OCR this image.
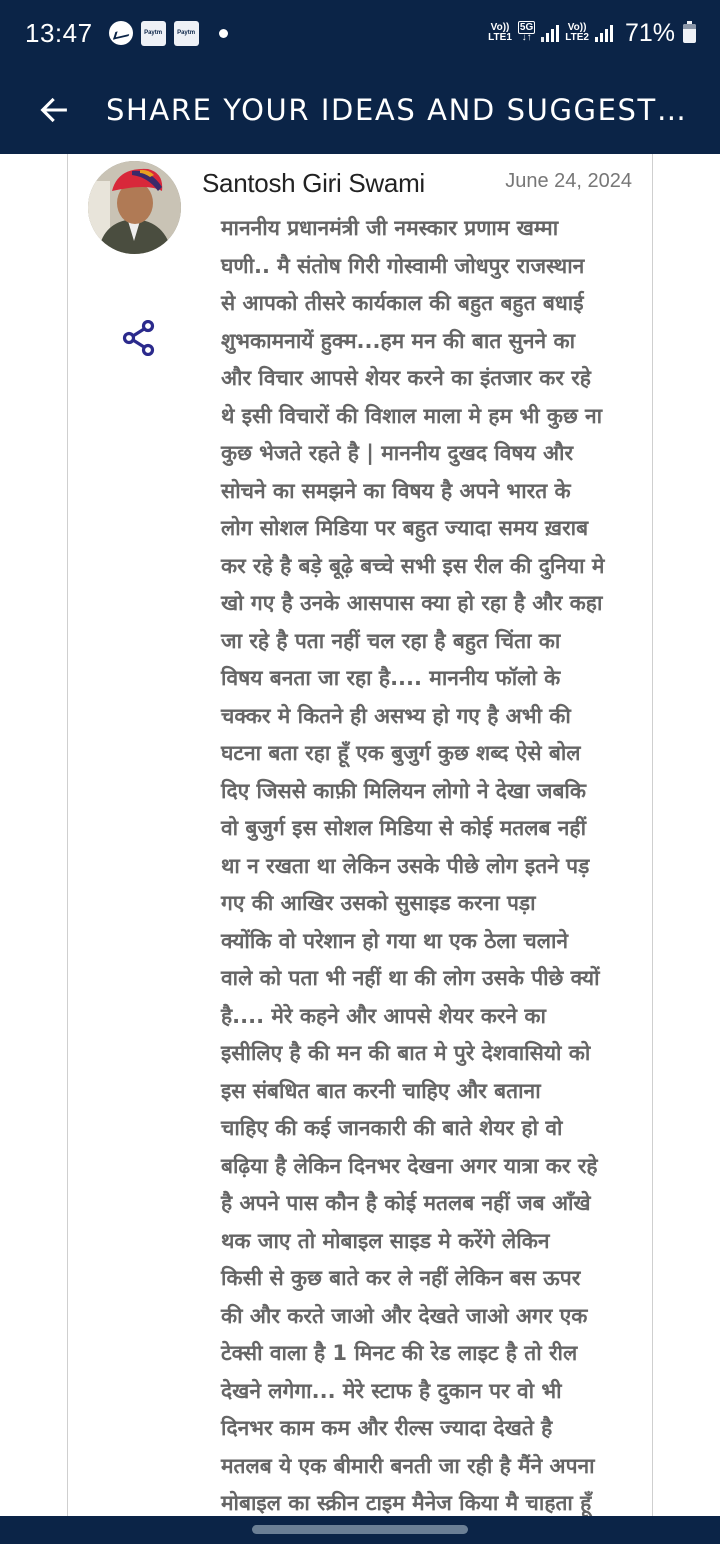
13:47	Paytm	Paytm	Vo))
LTE1
5G
↓↑
Vo))
LTE2 71%
SHARE YOUR IDEAS AND SUGGEST…
Santosh Giri Swami	June 24, 2024
माननीय प्रधानमंत्री जी नमस्कार प्रणाम खम्मा
घणी.. मै संतोष गिरी गोस्वामी जोधपुर राजस्थान
से आपको तीसरे कार्यकाल की बहुत बहुत बधाई
शुभकामनायें हुक्म...हम मन की बात सुनने का
और विचार आपसे शेयर करने का इंतजार कर रहे
थे इसी विचारों की विशाल माला मे हम भी कुछ ना
कुछ भेजते रहते है | माननीय दुखद विषय और
सोचने का समझने का विषय है अपने भारत के
लोग सोशल मिडिया पर बहुत ज्यादा समय ख़राब
कर रहे है बड़े बूढ़े बच्चे सभी इस रील की दुनिया मे
खो गए है उनके आसपास क्या हो रहा है और कहा
जा रहे है पता नहीं चल रहा है बहुत चिंता का
विषय बनता जा रहा है.... माननीय फॉलो के
चक्कर मे कितने ही असभ्य हो गए है अभी की
घटना बता रहा हूँ एक बुजुर्ग कुछ शब्द ऐसे बोल
दिए जिससे काफ़ी मिलियन लोगो ने देखा जबकि
वो बुजुर्ग इस सोशल मिडिया से कोई मतलब नहीं
था न रखता था लेकिन उसके पीछे लोग इतने पड़
गए की आखिर उसको सुसाइड करना पड़ा
क्योंकि वो परेशान हो गया था एक ठेला चलाने
वाले को पता भी नहीं था की लोग उसके पीछे क्यों
है.... मेरे कहने और आपसे शेयर करने का
इसीलिए है की मन की बात मे पुरे देशवासियो को
इस संबधित बात करनी चाहिए और बताना
चाहिए की कई जानकारी की बाते शेयर हो वो
बढ़िया है लेकिन दिनभर देखना अगर यात्रा कर रहे
है अपने पास कौन है कोई मतलब नहीं जब आँखे
थक जाए तो मोबाइल साइड मे करेंगे लेकिन
किसी से कुछ बाते कर ले नहीं लेकिन बस ऊपर
की और करते जाओ और देखते जाओ अगर एक
टेक्सी वाला है 1 मिनट की रेड लाइट है तो रील
देखने लगेगा... मेरे स्टाफ है दुकान पर वो भी
दिनभर काम कम और रील्स ज्यादा देखते है
मतलब ये एक बीमारी बनती जा रही है मैंने अपना
मोबाइल का स्क्रीन टाइम मैनेज किया मै चाहता हूँ
